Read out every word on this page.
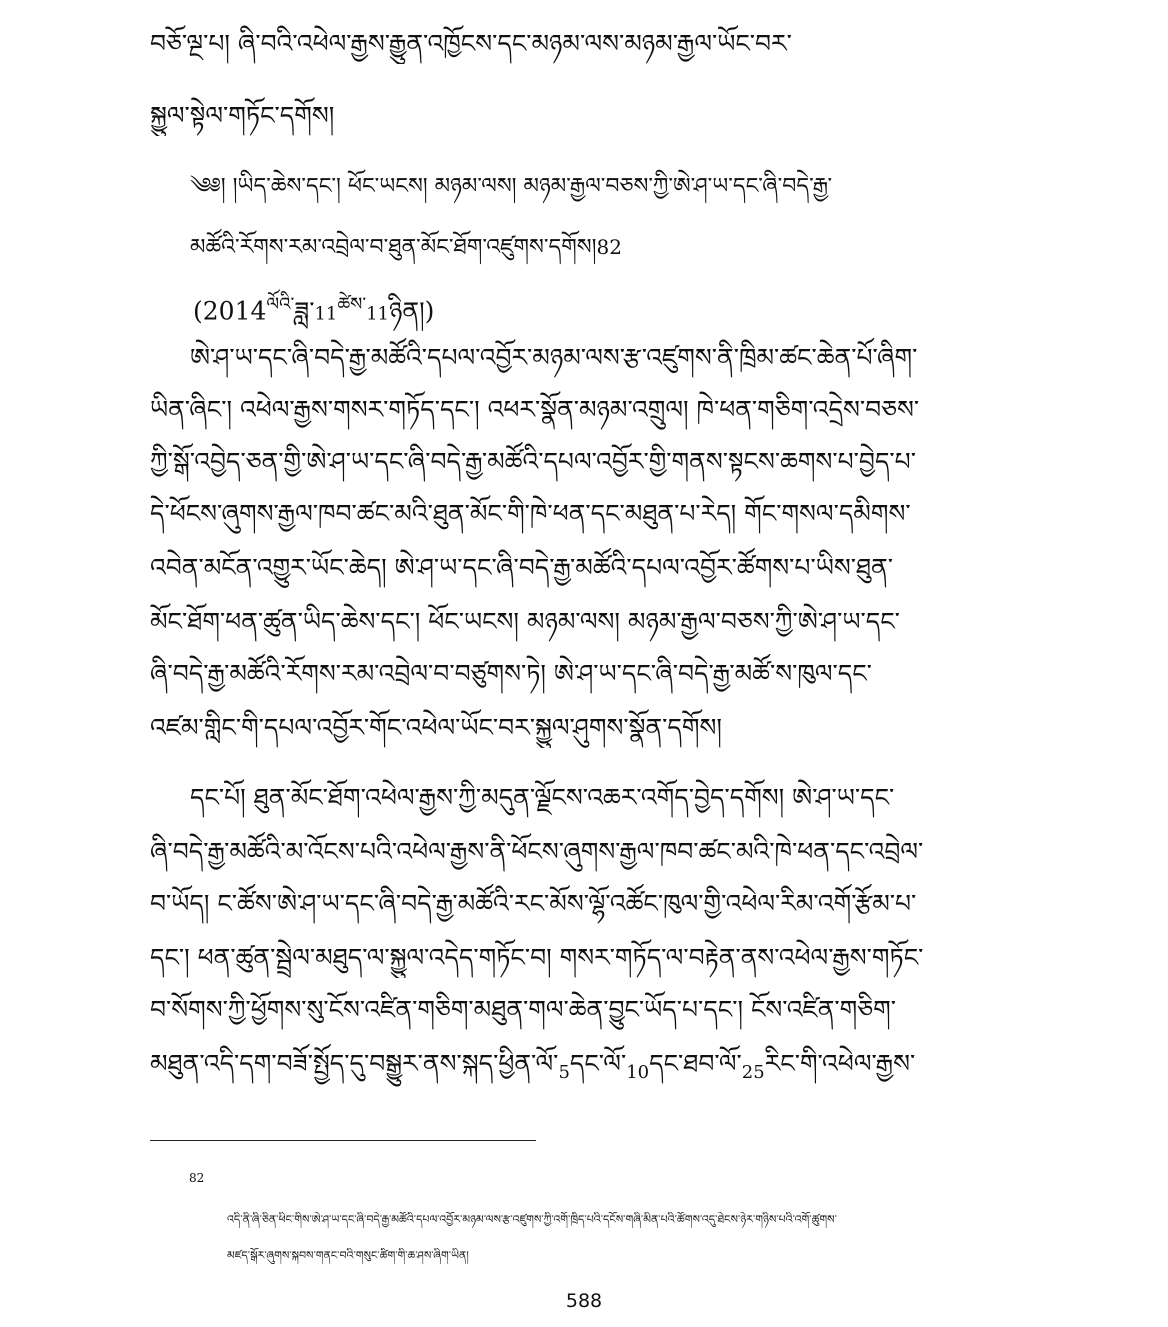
བཅོ་ལྔ་པ། ཞི་བའི་འཕེལ་རྒྱས་རྒྱུན་འཁྱོངས་དང་མཉམ་ལས་མཉམ་རྒྱལ་ཡོང་བར་
སྐྱུལ་སྟེལ་གཏོང་དགོས།
༄༅། །ཡིད་ཆེས་དང་། ཕོང་ཡངས། མཉམ་ལས། མཉམ་རྒྱལ་བཅས་ཀྱི་ཨེ་ཤ་ཡ་དང་ཞི་བདེ་རྒྱ་
མཚོའི་རོགས་རམ་འབྲེལ་བ་ཐུན་མོང་ཐོག་འཛུགས་དགོས།82
$(2014^{ལོའི་}ཟླ་11^{ཚེས་}11ཉིན།)$
ཨེ་ཤ་ཡ་དང་ཞི་བདེ་རྒྱ་མཚོའི་དཔལ་འབྱོར་མཉམ་ལས་རྩ་འཛུགས་ནི་ཁྲིམ་ཚང་ཆེན་པོ་ཞིག་
ཡིན་ཞིང་། འཕེལ་རྒྱས་གསར་གཏོད་དང་། འཕར་སྣོན་མཉམ་འགྲུལ། ཁེ་ཕན་གཅིག་འདྲེས་བཅས་
ཀྱི་སྒོ་འབྱེད་ཅན་གྱི་ཨེ་ཤ་ཡ་དང་ཞི་བདེ་རྒྱ་མཚོའི་དཔལ་འབྱོར་གྱི་གནས་སྟངས་ཆགས་པ་བྱེད་པ་
དེ་ཕོངས་ཞུགས་རྒྱལ་ཁབ་ཚང་མའི་ཐུན་མོང་གི་ཁེ་ཕན་དང་མཐུན་པ་རེད། གོང་གསལ་དམིགས་
འབེན་མངོན་འགྱུར་ཡོང་ཆེད། ཨེ་ཤ་ཡ་དང་ཞི་བདེ་རྒྱ་མཚོའི་དཔལ་འབྱོར་ཚོགས་པ་ཡིས་ཐུན་
མོང་ཐོག་ཕན་ཚུན་ཡིད་ཆེས་དང་། ཕོང་ཡངས། མཉམ་ལས། མཉམ་རྒྱལ་བཅས་ཀྱི་ཨེ་ཤ་ཡ་དང་
ཞི་བདེ་རྒྱ་མཚོའི་རོགས་རམ་འབྲེལ་བ་བཙུགས་ཏེ། ཨེ་ཤ་ཡ་དང་ཞི་བདེ་རྒྱ་མཚོ་ས་ཁུལ་དང་
འཛམ་གླིང་གི་དཔལ་འབྱོར་གོང་འཕེལ་ཡོང་བར་སྐྱུལ་ཤུགས་སྣོན་དགོས།
དང་པོ། ཐུན་མོང་ཐོག་འཕེལ་རྒྱས་ཀྱི་མདུན་ལྗོངས་འཆར་འགོད་བྱེད་དགོས། ཨེ་ཤ་ཡ་དང་
ཞི་བདེ་རྒྱ་མཚོའི་མ་འོངས་པའི་འཕེལ་རྒྱས་ནི་ཕོངས་ཞུགས་རྒྱལ་ཁབ་ཚང་མའི་ཁེ་ཕན་དང་འབྲེལ་
བ་ཡོད། ང་ཚོས་ཨེ་ཤ་ཡ་དང་ཞི་བདེ་རྒྱ་མཚོའི་རང་མོས་ལྷོ་འཚོང་ཁུལ་གྱི་འཕེལ་རིམ་འགོ་རྩོམ་པ་
དང་། ཕན་ཚུན་སྦྲེལ་མཐུད་ལ་སྐྱུལ་འདེད་གཏོང་བ། གསར་གཏོད་ལ་བརྟེན་ནས་འཕེལ་རྒྱས་གཏོང་
བ་སོགས་ཀྱི་ཕྱོགས་སུ་ངོས་འཛིན་གཅིག་མཐུན་གལ་ཆེན་བྱུང་ཡོད་པ་དང་། ངོས་འཛིན་གཅིག་
$མཐུན་འདི་དག་བཟོ་སྤྱོད་དུ་བསྒྱུར་ནས་སྐད་ཕྱིན་ལོ་_5དང་ལོ་_{10}དང་ཐབ་ལོ་_{25}རིང་གི་འཕེལ་རྒྱས་$
82
འདི་ནི་ཞི་ཅིན་ཕིང་གིས་ཨེ་ཤ་ཡ་དང་ཞི་བདེ་རྒྱ་མཚོའི་དཔལ་འབྱོར་མཉམ་ལས་རྩ་འཛུགས་ཀྱི་འགོ་ཁྲིད་པའི་དངོས་གཞི་མིན་པའི་ཚོགས་འདུ་ཐེངས་ཉེར་གཉིས་པའི་འགོ་ཚུགས་
མཛད་སྒོར་ཞུགས་སྐབས་གནང་བའི་གསུང་ཚིག་གི་ཆ་ཤས་ཞིག་ཡིན།
588
